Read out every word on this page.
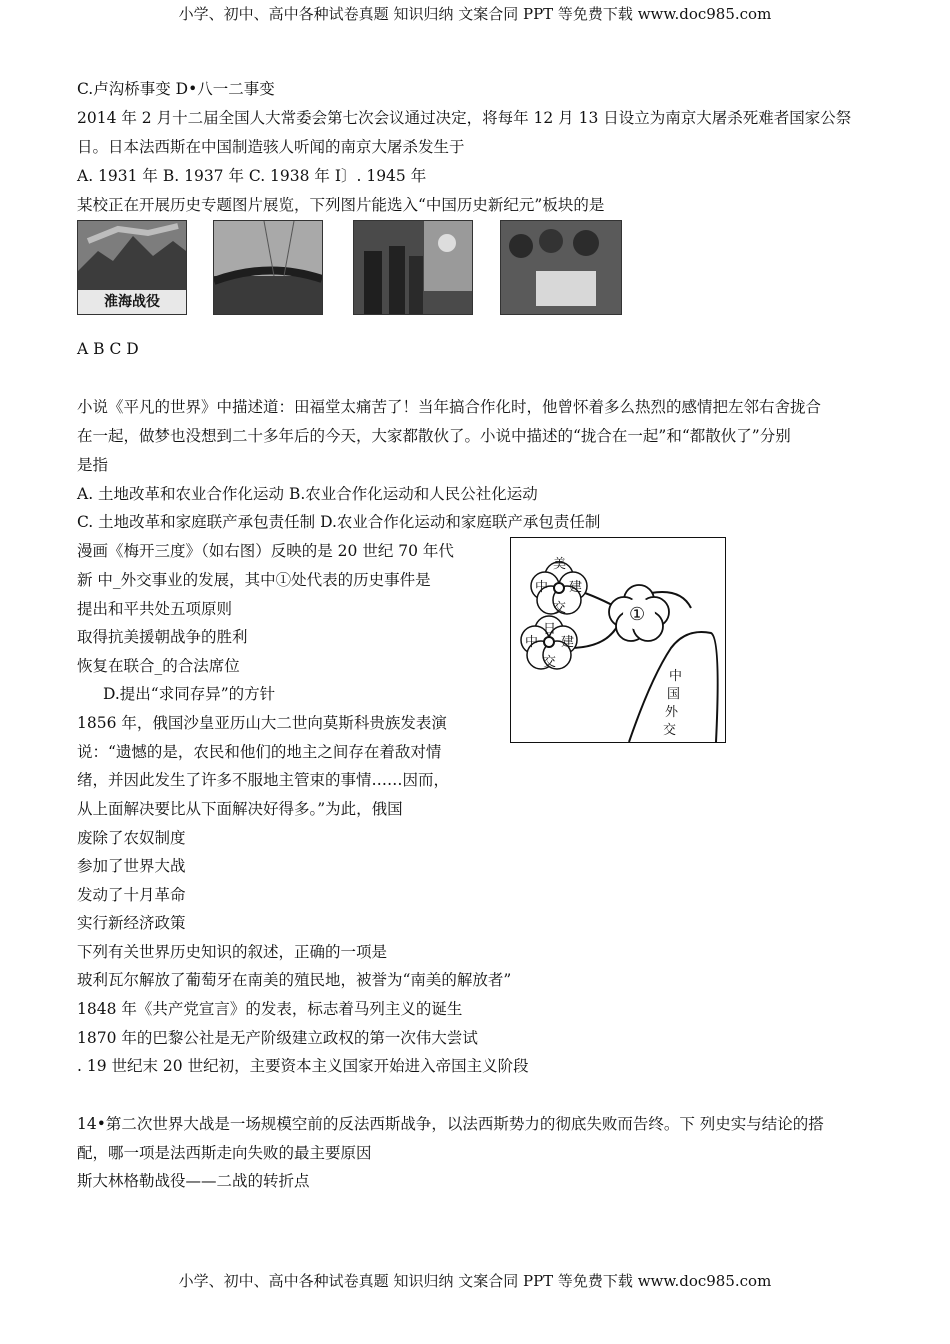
小学、初中、高中各种试卷真题 知识归纳 文案合同 PPT 等免费下载 www.doc985.com
C.卢沟桥事变 D•八一二事变
2014 年 2 月十二届全国人大常委会第七次会议通过决定，将每年 12 月 13 日设立为南京大屠杀死难者国家公祭
日。日本法西斯在中国制造骇人听闻的南京大屠杀发生于
A. 1931 年 B. 1937 年 C. 1938 年 I〕. 1945 年
某校正在开展历史专题图片展览，下列图片能选入“中国历史新纪元”板块的是
淮海战役
A B C D
小说《平凡的世界》中描述道：田福堂太痛苦了！当年搞合作化时，他曾怀着多么热烈的感情把左邻右舍拢合
在一起，做梦也没想到二十多年后的今天，大家都散伙了。小说中描述的“拢合在一起”和“都散伙了”分别
是指
A. 土地改革和农业合作化运动 B.农业合作化运动和人民公社化运动
C. 土地改革和家庭联产承包责任制 D.农业合作化运动和家庭联产承包责任制
漫画《梅开三度》（如右图）反映的是 20 世纪 70 年代
新 中_外交事业的发展，其中①处代表的历史事件是
提出和平共处五项原则
取得抗美援朝战争的胜利
恢复在联合_的合法席位
D.提出“求同存异”的方针
1856 年，俄国沙皇亚历山大二世向莫斯科贵族发表演
说：“遗憾的是，农民和他们的地主之间存在着敌对情
绪，并因此发生了许多不服地主管束的事情……因而，
从上面解决要比从下面解决好得多。”为此，俄国
废除了农奴制度
参加了世界大战
发动了十月革命
实行新经济政策
下列有关世界历史知识的叙述，正确的一项是
玻利瓦尔解放了葡萄牙在南美的殖民地，被誉为“南美的解放者”
1848 年《共产党宣言》的发表，标志着马列主义的诞生
1870 年的巴黎公社是无产阶级建立政权的第一次伟大尝试
. 19 世纪末 20 世纪初，主要资本主义国家开始进入帝国主义阶段
14•第二次世界大战是一场规模空前的反法西斯战争，以法西斯势力的彻底失败而告终。下 列史实与结论的搭
配，哪一项是法西斯走向失败的最主要原因
斯大林格勒战役——二战的转折点
美
中 建
交	①
日
中 建
交
中
国
外
交
小学、初中、高中各种试卷真题 知识归纳 文案合同 PPT 等免费下载 www.doc985.com
